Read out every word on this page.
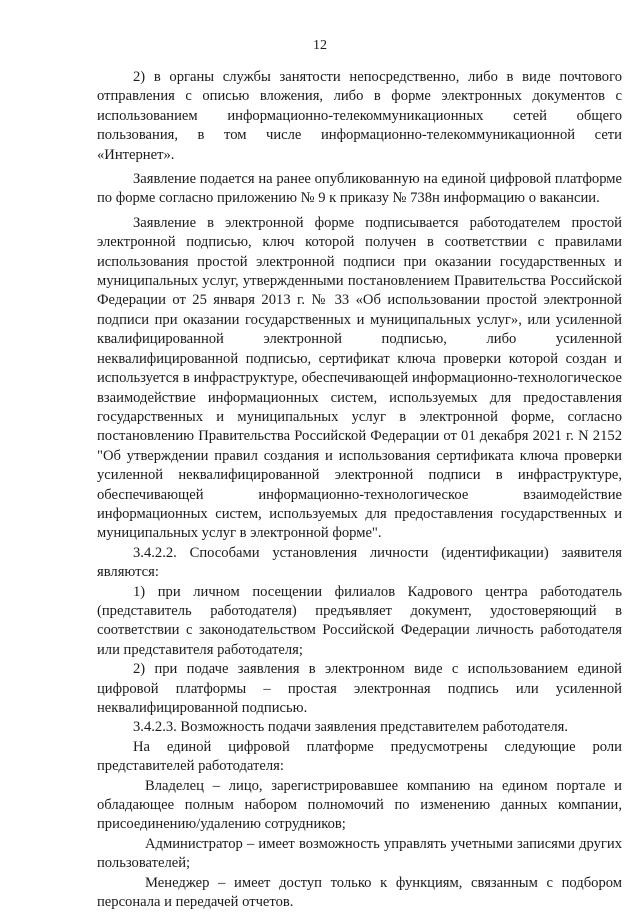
12

2) в органы службы занятости непосредственно, либо в виде почтового отправления с описью вложения, либо в форме электронных документов с использованием информационно-телекоммуникационных сетей общего пользования, в том числе информационно-телекоммуникационной сети «Интернет».

Заявление подается на ранее опубликованную на единой цифровой платформе по форме согласно приложению № 9 к приказу № 738н информацию о вакансии.

Заявление в электронной форме подписывается работодателем простой электронной подписью, ключ которой получен в соответствии с правилами использования простой электронной подписи при оказании государственных и муниципальных услуг, утвержденными постановлением Правительства Российской Федерации от 25 января 2013 г. № 33 «Об использовании простой электронной подписи при оказании государственных и муниципальных услуг», или усиленной квалифицированной электронной подписью, либо усиленной неквалифицированной подписью, сертификат ключа проверки которой создан и используется в инфраструктуре, обеспечивающей информационно-технологическое взаимодействие информационных систем, используемых для предоставления государственных и муниципальных услуг в электронной форме, согласно постановлению Правительства Российской Федерации от 01 декабря 2021 г. N 2152 "Об утверждении правил создания и использования сертификата ключа проверки усиленной неквалифицированной электронной подписи в инфраструктуре, обеспечивающей информационно-технологическое взаимодействие информационных систем, используемых для предоставления государственных и муниципальных услуг в электронной форме".

3.4.2.2. Способами установления личности (идентификации) заявителя являются:

1) при личном посещении филиалов Кадрового центра работодатель (представитель работодателя) предъявляет документ, удостоверяющий в соответствии с законодательством Российской Федерации личность работодателя или представителя работодателя;

2) при подаче заявления в электронном виде с использованием единой цифровой платформы – простая электронная подпись или усиленной неквалифицированной подписью.

3.4.2.3. Возможность подачи заявления представителем работодателя.

На единой цифровой платформе предусмотрены следующие роли представителей работодателя:

Владелец – лицо, зарегистрировавшее компанию на едином портале и обладающее полным набором полномочий по изменению данных компании, присоединению/удалению сотрудников;

Администратор – имеет возможность управлять учетными записями других пользователей;

Менеджер – имеет доступ только к функциям, связанным с подбором персонала и передачей отчетов.
